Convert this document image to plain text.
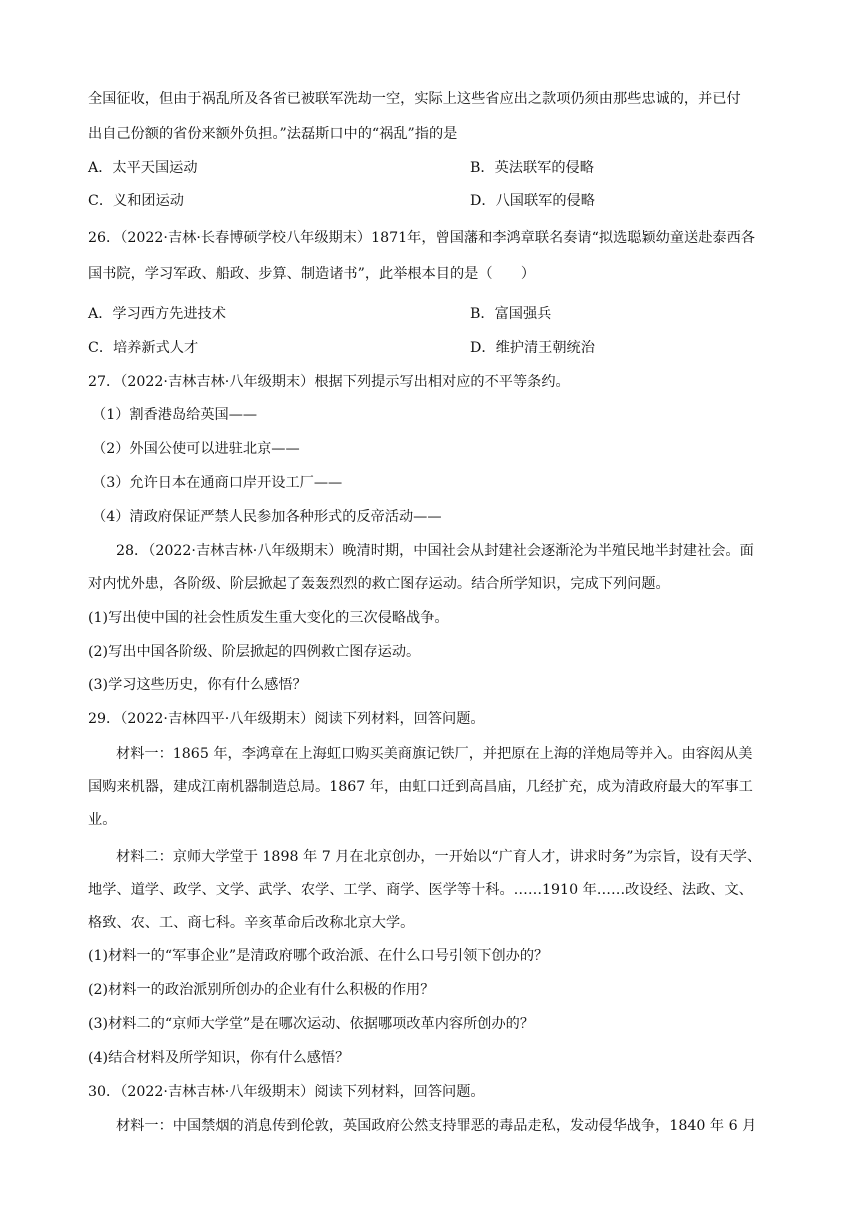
全国征收，但由于祸乱所及各省已被联军洗劫一空，实际上这些省应出之款项仍须由那些忠诚的，并已付
出自己份额的省份来额外负担。”法磊斯口中的“祸乱”指的是
A．太平天国运动	B．英法联军的侵略
C．义和团运动	D．八国联军的侵略
26．（2022·吉林·长春博硕学校八年级期末）1871年，曾国藩和李鸿章联名奏请“拟选聪颖幼童送赴泰西各
国书院，学习军政、船政、步算、制造诸书”，此举根本目的是（　　）
A．学习西方先进技术	B．富国强兵
C．培养新式人才	D．维护清王朝统治
27．（2022·吉林吉林·八年级期末）根据下列提示写出相对应的不平等条约。
（1）割香港岛给英国——
（2）外国公使可以进驻北京——
（3）允许日本在通商口岸开设工厂——
（4）清政府保证严禁人民参加各种形式的反帝活动——
28．（2022·吉林吉林·八年级期末）晚清时期，中国社会从封建社会逐渐沦为半殖民地半封建社会。面
对内忧外患，各阶级、阶层掀起了轰轰烈烈的救亡图存运动。结合所学知识，完成下列问题。
(1)写出使中国的社会性质发生重大变化的三次侵略战争。
(2)写出中国各阶级、阶层掀起的四例救亡图存运动。
(3)学习这些历史，你有什么感悟？
29．（2022·吉林四平·八年级期末）阅读下列材料，回答问题。
材料一：1865 年，李鸿章在上海虹口购买美商旗记铁厂，并把原在上海的洋炮局等并入。由容闳从美
国购来机器，建成江南机器制造总局。1867 年，由虹口迁到高昌庙，几经扩充，成为清政府最大的军事工
业。
材料二：京师大学堂于 1898 年 7 月在北京创办，一开始以“广育人才，讲求时务”为宗旨，设有天学、
地学、道学、政学、文学、武学、农学、工学、商学、医学等十科。……1910 年……改设经、法政、文、
格致、农、工、商七科。辛亥革命后改称北京大学。
(1)材料一的“军事企业”是清政府哪个政治派、在什么口号引领下创办的？
(2)材料一的政治派别所创办的企业有什么积极的作用？
(3)材料二的“京师大学堂”是在哪次运动、依据哪项改革内容所创办的？
(4)结合材料及所学知识，你有什么感悟？
30．（2022·吉林吉林·八年级期末）阅读下列材料，回答问题。
材料一：中国禁烟的消息传到伦敦，英国政府公然支持罪恶的毒品走私，发动侵华战争，1840 年 6 月
